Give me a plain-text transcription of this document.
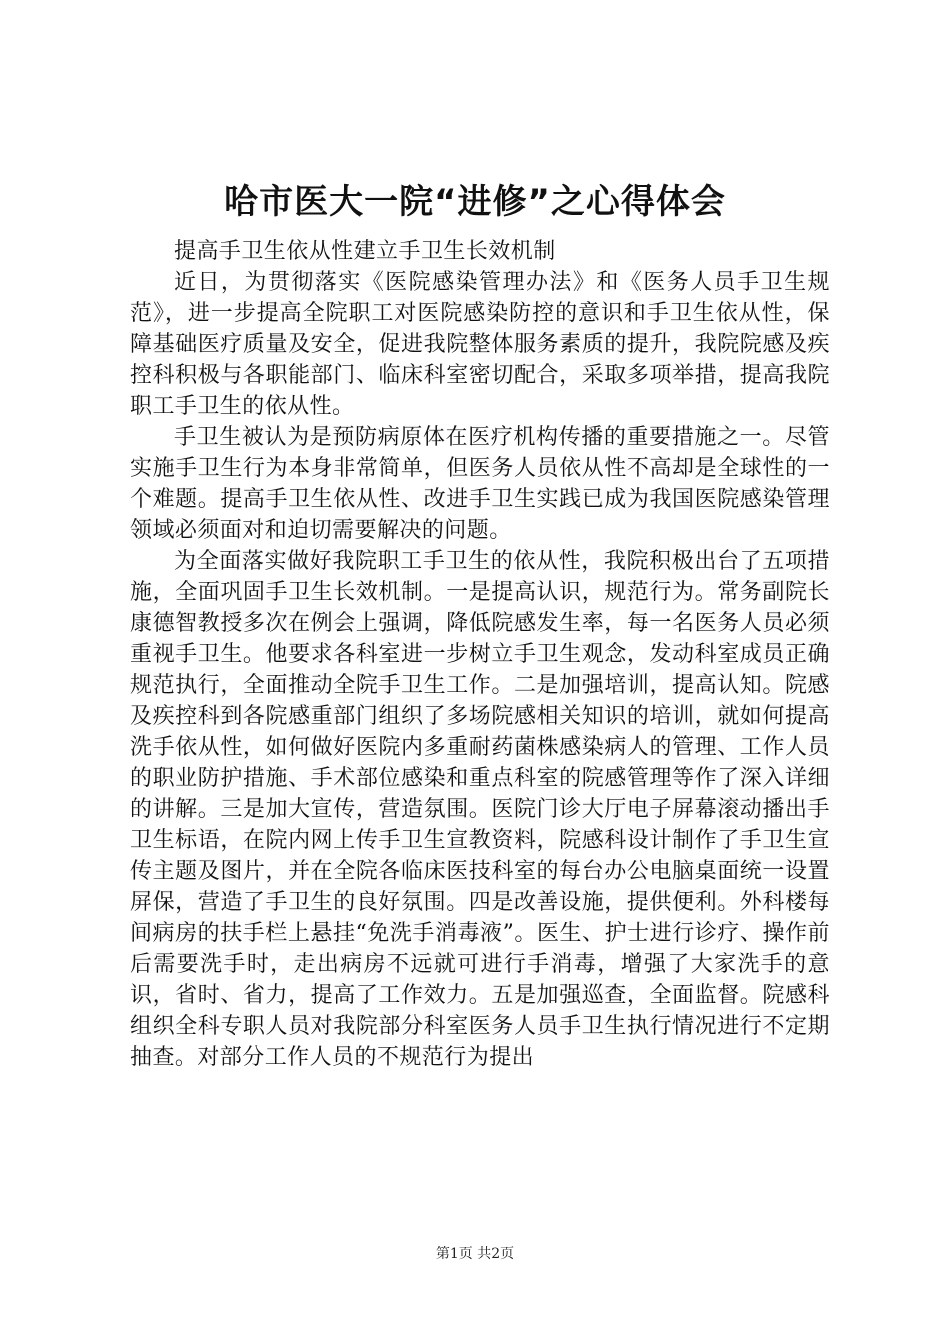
哈市医大一院“进修”之心得体会

提高手卫生依从性建立手卫生长效机制

近日，为贯彻落实《医院感染管理办法》和《医务人员手卫生规范》，进一步提高全院职工对医院感染防控的意识和手卫生依从性，保障基础医疗质量及安全，促进我院整体服务素质的提升，我院院感及疾控科积极与各职能部门、临床科室密切配合，采取多项举措，提高我院职工手卫生的依从性。

手卫生被认为是预防病原体在医疗机构传播的重要措施之一。尽管实施手卫生行为本身非常简单，但医务人员依从性不高却是全球性的一个难题。提高手卫生依从性、改进手卫生实践已成为我国医院感染管理领域必须面对和迫切需要解决的问题。

为全面落实做好我院职工手卫生的依从性，我院积极出台了五项措施，全面巩固手卫生长效机制。一是提高认识，规范行为。常务副院长康德智教授多次在例会上强调，降低院感发生率，每一名医务人员必须重视手卫生。他要求各科室进一步树立手卫生观念，发动科室成员正确规范执行，全面推动全院手卫生工作。二是加强培训，提高认知。院感及疾控科到各院感重部门组织了多场院感相关知识的培训，就如何提高洗手依从性，如何做好医院内多重耐药菌株感染病人的管理、工作人员的职业防护措施、手术部位感染和重点科室的院感管理等作了深入详细的讲解。三是加大宣传，营造氛围。医院门诊大厅电子屏幕滚动播出手卫生标语，在院内网上传手卫生宣教资料，院感科设计制作了手卫生宣传主题及图片，并在全院各临床医技科室的每台办公电脑桌面统一设置屏保，营造了手卫生的良好氛围。四是改善设施，提供便利。外科楼每间病房的扶手栏上悬挂“免洗手消毒液”。医生、护士进行诊疗、操作前后需要洗手时，走出病房不远就可进行手消毒，增强了大家洗手的意识，省时、省力，提高了工作效力。五是加强巡查，全面监督。院感科组织全科专职人员对我院部分科室医务人员手卫生执行情况进行不定期抽查。对部分工作人员的不规范行为提出

第1页 共2页
